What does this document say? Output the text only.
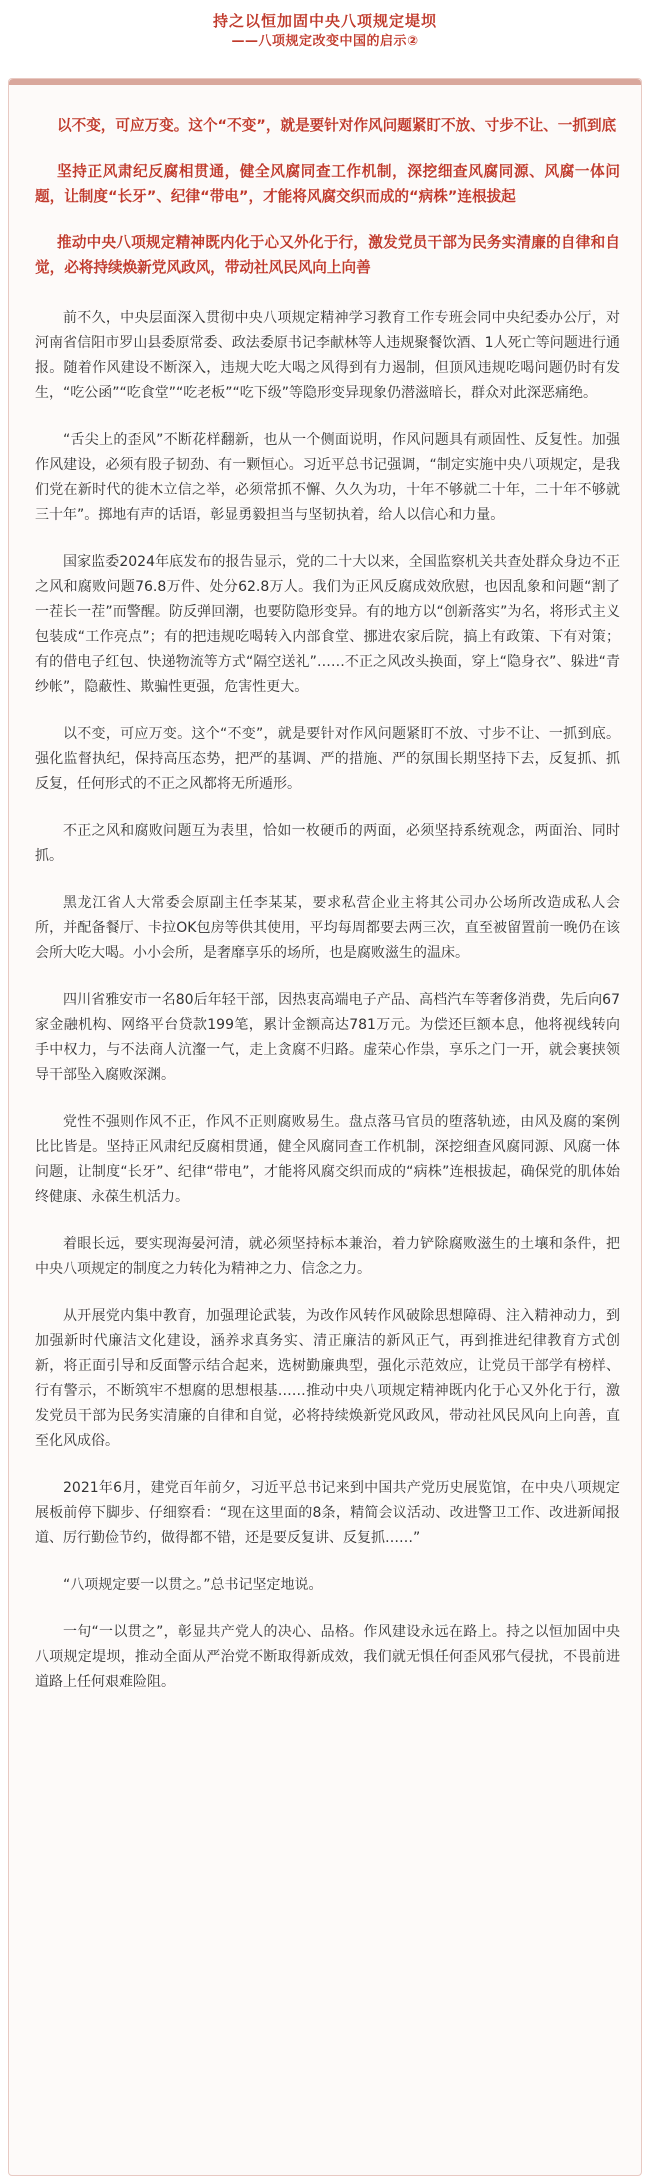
持之以恒加固中央八项规定堤坝
——八项规定改变中国的启示②

以不变，可应万变。这个“不变”，就是要针对作风问题紧盯不放、寸步不让、一抓到底

坚持正风肃纪反腐相贯通，健全风腐同查工作机制，深挖细查风腐同源、风腐一体问题，让制度“长牙”、纪律“带电”，才能将风腐交织而成的“病株”连根拔起

推动中央八项规定精神既内化于心又外化于行，激发党员干部为民务实清廉的自律和自觉，必将持续焕新党风政风，带动社风民风向上向善

前不久，中央层面深入贯彻中央八项规定精神学习教育工作专班会同中央纪委办公厅，对河南省信阳市罗山县委原常委、政法委原书记李献林等人违规聚餐饮酒、1人死亡等问题进行通报。随着作风建设不断深入，违规大吃大喝之风得到有力遏制，但顶风违规吃喝问题仍时有发生，“吃公函”“吃食堂”“吃老板”“吃下级”等隐形变异现象仍潜滋暗长，群众对此深恶痛绝。

“舌尖上的歪风”不断花样翻新，也从一个侧面说明，作风问题具有顽固性、反复性。加强作风建设，必须有股子韧劲、有一颗恒心。习近平总书记强调，“制定实施中央八项规定，是我们党在新时代的徙木立信之举，必须常抓不懈、久久为功，十年不够就二十年，二十年不够就三十年”。掷地有声的话语，彰显勇毅担当与坚韧执着，给人以信心和力量。

国家监委2024年底发布的报告显示，党的二十大以来，全国监察机关共查处群众身边不正之风和腐败问题76.8万件、处分62.8万人。我们为正风反腐成效欣慰，也因乱象和问题“割了一茬长一茬”而警醒。防反弹回潮，也要防隐形变异。有的地方以“创新落实”为名，将形式主义包装成“工作亮点”；有的把违规吃喝转入内部食堂、挪进农家后院，搞上有政策、下有对策；有的借电子红包、快递物流等方式“隔空送礼”……不正之风改头换面，穿上“隐身衣”、躲进“青纱帐”，隐蔽性、欺骗性更强，危害性更大。

以不变，可应万变。这个“不变”，就是要针对作风问题紧盯不放、寸步不让、一抓到底。强化监督执纪，保持高压态势，把严的基调、严的措施、严的氛围长期坚持下去，反复抓、抓反复，任何形式的不正之风都将无所遁形。

不正之风和腐败问题互为表里，恰如一枚硬币的两面，必须坚持系统观念，两面治、同时抓。

黑龙江省人大常委会原副主任李某某，要求私营企业主将其公司办公场所改造成私人会所，并配备餐厅、卡拉OK包房等供其使用，平均每周都要去两三次，直至被留置前一晚仍在该会所大吃大喝。小小会所，是奢靡享乐的场所，也是腐败滋生的温床。

四川省雅安市一名80后年轻干部，因热衷高端电子产品、高档汽车等奢侈消费，先后向67家金融机构、网络平台贷款199笔，累计金额高达781万元。为偿还巨额本息，他将视线转向手中权力，与不法商人沆瀣一气，走上贪腐不归路。虚荣心作祟，享乐之门一开，就会裹挟领导干部坠入腐败深渊。

党性不强则作风不正，作风不正则腐败易生。盘点落马官员的堕落轨迹，由风及腐的案例比比皆是。坚持正风肃纪反腐相贯通，健全风腐同查工作机制，深挖细查风腐同源、风腐一体问题，让制度“长牙”、纪律“带电”，才能将风腐交织而成的“病株”连根拔起，确保党的肌体始终健康、永葆生机活力。

着眼长远，要实现海晏河清，就必须坚持标本兼治，着力铲除腐败滋生的土壤和条件，把中央八项规定的制度之力转化为精神之力、信念之力。

从开展党内集中教育，加强理论武装，为改作风转作风破除思想障碍、注入精神动力，到加强新时代廉洁文化建设，涵养求真务实、清正廉洁的新风正气，再到推进纪律教育方式创新，将正面引导和反面警示结合起来，选树勤廉典型，强化示范效应，让党员干部学有榜样、行有警示，不断筑牢不想腐的思想根基……推动中央八项规定精神既内化于心又外化于行，激发党员干部为民务实清廉的自律和自觉，必将持续焕新党风政风，带动社风民风向上向善，直至化风成俗。

2021年6月，建党百年前夕，习近平总书记来到中国共产党历史展览馆，在中央八项规定展板前停下脚步、仔细察看：“现在这里面的8条，精简会议活动、改进警卫工作、改进新闻报道、厉行勤俭节约，做得都不错，还是要反复讲、反复抓……”

“八项规定要一以贯之。”总书记坚定地说。

一句“一以贯之”，彰显共产党人的决心、品格。作风建设永远在路上。持之以恒加固中央八项规定堤坝，推动全面从严治党不断取得新成效，我们就无惧任何歪风邪气侵扰，不畏前进道路上任何艰难险阻。
